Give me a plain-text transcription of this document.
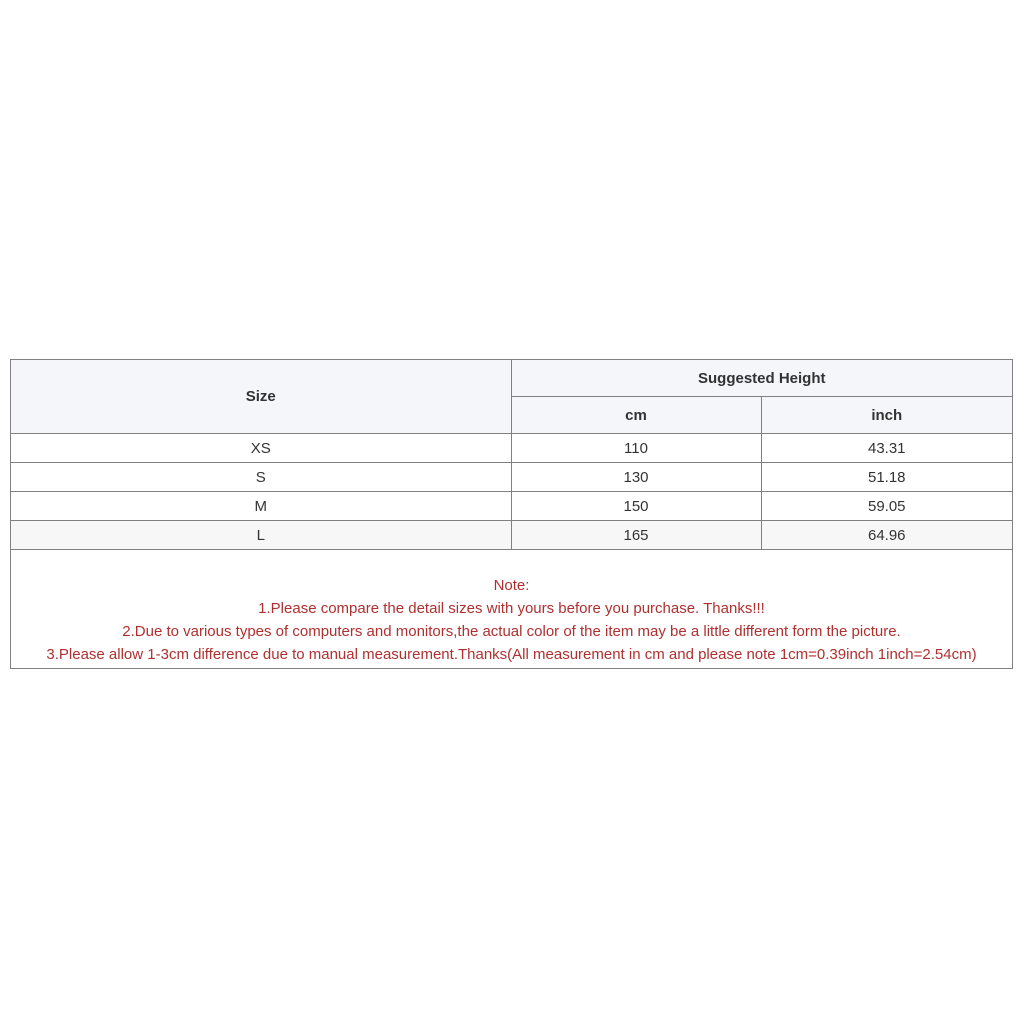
Size	Suggested Height	
	cm	inch
XS	110	43.31
S	130	51.18
M	150	59.05
L	165	64.96
Note:
1.Please compare the detail sizes with yours before you purchase. Thanks!!!
2.Due to various types of computers and monitors,the actual color of the item may be a little different form the picture.
3.Please allow 1-3cm difference due to manual measurement.Thanks(All measurement in cm and please note 1cm=0.39inch 1inch=2.54cm)
